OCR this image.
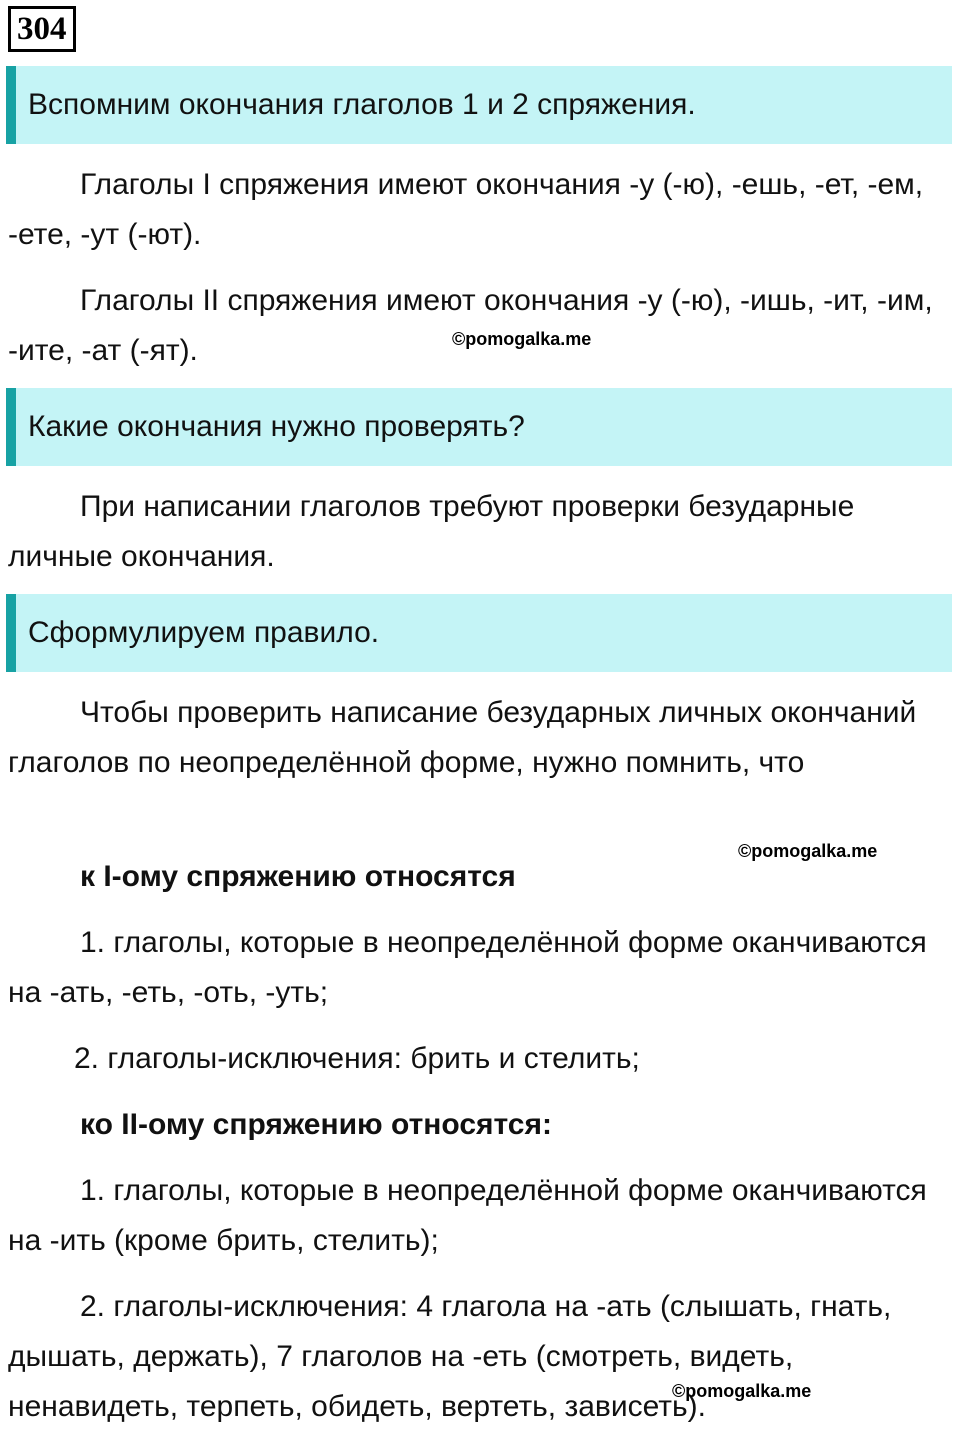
304
Вспомним окончания глаголов 1 и 2 спряжения.

Глаголы I спряжения имеют окончания -у (-ю), -ешь, -ет, -ем, -ете, -ут (-ют).

Глаголы II спряжения имеют окончания -у (-ю), -ишь, -ит, -им, -ите, -ат (-ят).	©pomogalka.me
Какие окончания нужно проверять?

При написании глаголов требуют проверки безударные личные окончания.

Сформулируем правило.

Чтобы проверить написание безударных личных окончаний глаголов по неопределённой форме, нужно помнить, что

©pomogalka.me

к I-ому спряжению относятся

1. глаголы, которые в неопределённой форме оканчиваются на -ать, -еть, -оть, -уть;

2. глаголы-исключения: брить и стелить;

ко II-ому спряжению относятся:

1. глаголы, которые в неопределённой форме оканчиваются на -ить (кроме брить, стелить);

2. глаголы-исключения: 4 глагола на -ать (слышать, гнать, дышать, держать), 7 глаголов на -еть (смотреть, видеть, ненавидеть, терпеть, обидеть, вертеть, зависеть).

©pomogalka.me
